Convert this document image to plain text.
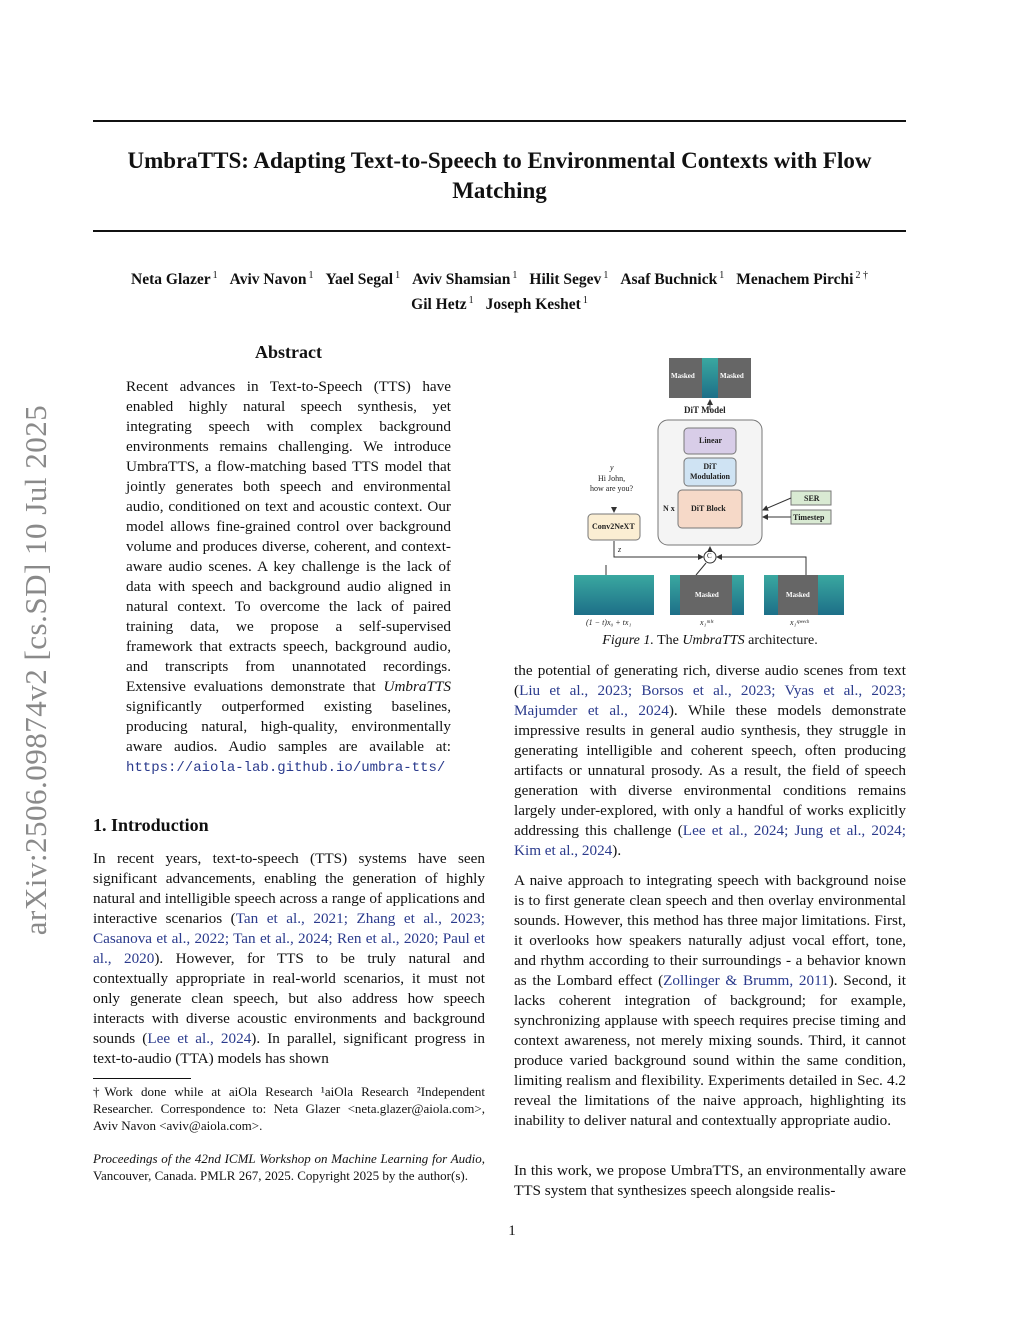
UmbraTTS: Adapting Text-to-Speech to Environmental Contexts with Flow Matching
Neta Glazer $^1$ Aviv Navon $^1$ Yael Segal $^1$ Aviv Shamsian $^1$ Hilit Segev $^1$ Asaf Buchnick $^1$ Menachem Pirchi $^{2 \dagger}$
Gil Hetz $^1$ Joseph Keshet $^1$
arXiv:2506.09874v2 [cs.SD] 10 Jul 2025
Abstract
Recent advances in Text-to-Speech (TTS) have enabled highly natural speech synthesis, yet integrating speech with complex background environments remains challenging. We introduce UmbraTTS, a flow-matching based TTS model that jointly generates both speech and environmental audio, conditioned on text and acoustic context. Our model allows fine-grained control over background volume and produces diverse, coherent, and context-aware audio scenes. A key challenge is the lack of data with speech and background audio aligned in natural context. To overcome the lack of paired training data, we propose a self-supervised framework that extracts speech, background audio, and transcripts from unannotated recordings. Extensive evaluations demonstrate that UmbraTTS significantly outperformed existing baselines, producing natural, high-quality, environmentally aware audios. Audio samples are available at: https://aiola-lab.github.io/umbra-tts/
1. Introduction
In recent years, text-to-speech (TTS) systems have seen significant advancements, enabling the generation of highly natural and intelligible speech across a range of applications and interactive scenarios (Tan et al., 2021; Zhang et al., 2023; Casanova et al., 2022; Tan et al., 2024; Ren et al., 2020; Paul et al., 2020). However, for TTS to be truly natural and contextually appropriate in real-world scenarios, it must not only generate clean speech, but also address how speech interacts with diverse acoustic environments and background sounds (Lee et al., 2024). In parallel, significant progress in text-to-audio (TTA) models has shown
†Work done while at aiOla Research ¹aiOla Research ²Independent Researcher. Correspondence to: Neta Glazer <neta.glazer@aiola.com>, Aviv Navon <aviv@aiola.com>.
Proceedings of the 42nd ICML Workshop on Machine Learning for Audio, Vancouver, Canada. PMLR 267, 2025. Copyright 2025 by the author(s).
Masked	Masked
DiT Model
Linear
DiT Modulation
DiT Block
N x
SER
Timestep
Conv2NeXT
y
Hi John,
how are you?
C
z
Masked	Masked
(1 − t)x₀ + tx₁	x₁ᵐⁱˣ	x₁ˢᵖᵉᵉᶜʰ
Figure 1. The UmbraTTS architecture.
the potential of generating rich, diverse audio scenes from text (Liu et al., 2023; Borsos et al., 2023; Vyas et al., 2023; Majumder et al., 2024). While these models demonstrate impressive results in general audio synthesis, they struggle in generating intelligible and coherent speech, often producing artifacts or unnatural prosody. As a result, the field of speech generation with diverse environmental conditions remains largely under-explored, with only a handful of works explicitly addressing this challenge (Lee et al., 2024; Jung et al., 2024; Kim et al., 2024).
A naive approach to integrating speech with background noise is to first generate clean speech and then overlay environmental sounds. However, this method has three major limitations. First, it overlooks how speakers naturally adjust vocal effort, tone, and rhythm according to their surroundings - a behavior known as the Lombard effect (Zollinger & Brumm, 2011). Second, it lacks coherent integration of background; for example, synchronizing applause with speech requires precise timing and context awareness, not merely mixing sounds. Third, it cannot produce varied background sound within the same condition, limiting realism and flexibility. Experiments detailed in Sec. 4.2 reveal the limitations of the naive approach, highlighting its inability to deliver natural and contextually appropriate audio.
In this work, we propose UmbraTTS, an environmentally aware TTS system that synthesizes speech alongside realis-
1
